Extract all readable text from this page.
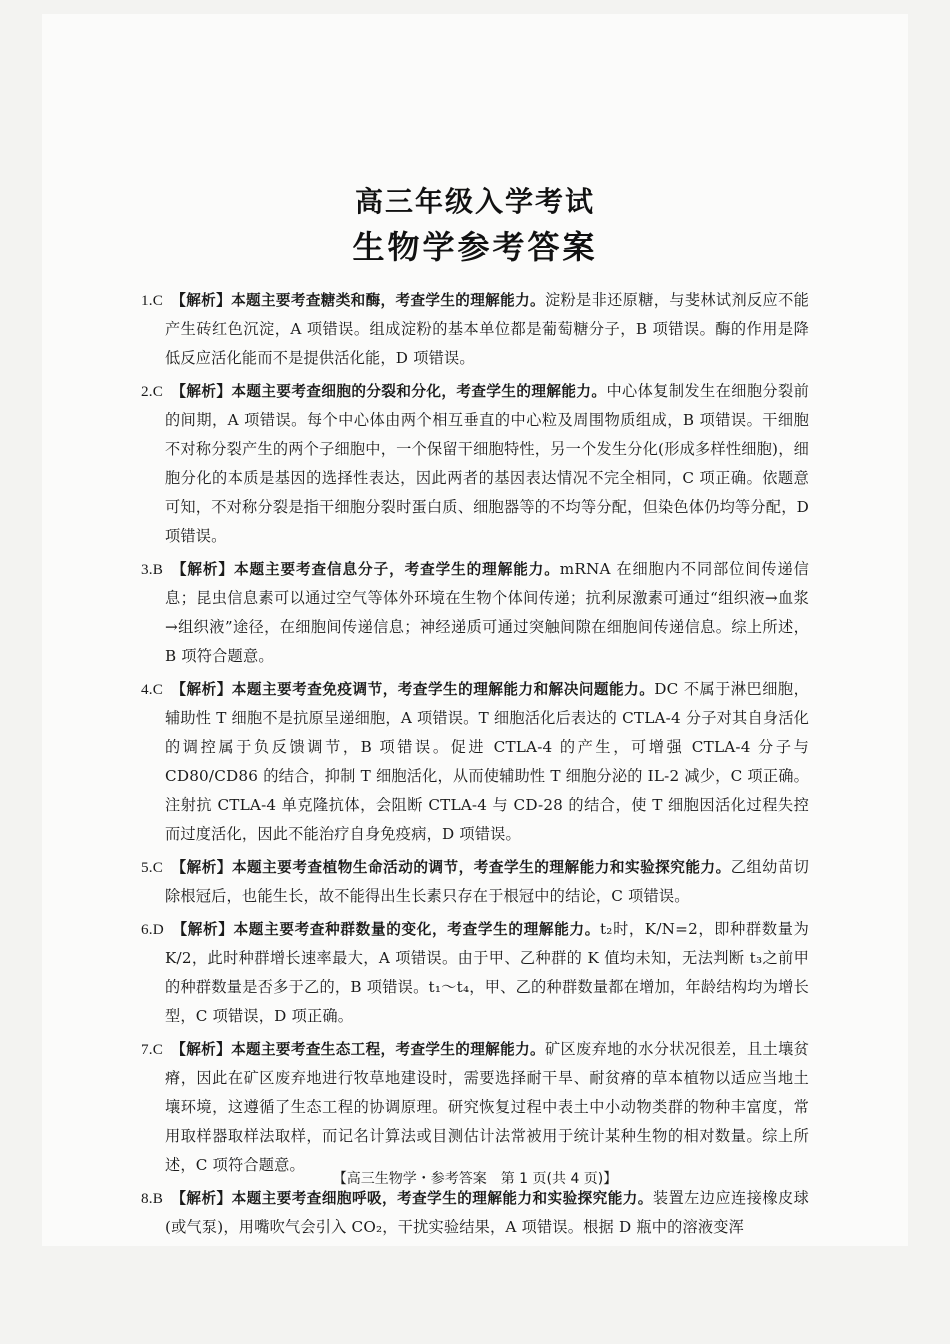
高三年级入学考试
生物学参考答案

1.C 【解析】本题主要考查糖类和酶，考查学生的理解能力。淀粉是非还原糖，与斐林试剂反应不能产生砖红色沉淀，A 项错误。组成淀粉的基本单位都是葡萄糖分子，B 项错误。酶的作用是降低反应活化能而不是提供活化能，D 项错误。

2.C 【解析】本题主要考查细胞的分裂和分化，考查学生的理解能力。中心体复制发生在细胞分裂前的间期，A 项错误。每个中心体由两个相互垂直的中心粒及周围物质组成，B 项错误。干细胞不对称分裂产生的两个子细胞中，一个保留干细胞特性，另一个发生分化(形成多样性细胞)，细胞分化的本质是基因的选择性表达，因此两者的基因表达情况不完全相同，C 项正确。依题意可知，不对称分裂是指干细胞分裂时蛋白质、细胞器等的不均等分配，但染色体仍均等分配，D 项错误。

3.B 【解析】本题主要考查信息分子，考查学生的理解能力。mRNA 在细胞内不同部位间传递信息；昆虫信息素可以通过空气等体外环境在生物个体间传递；抗利尿激素可通过“组织液→血浆→组织液”途径，在细胞间传递信息；神经递质可通过突触间隙在细胞间传递信息。综上所述，B 项符合题意。

4.C 【解析】本题主要考查免疫调节，考查学生的理解能力和解决问题能力。DC 不属于淋巴细胞，辅助性 T 细胞不是抗原呈递细胞，A 项错误。T 细胞活化后表达的 CTLA-4 分子对其自身活化的调控属于负反馈调节，B 项错误。促进 CTLA-4 的产生，可增强 CTLA-4 分子与 CD80/CD86 的结合，抑制 T 细胞活化，从而使辅助性 T 细胞分泌的 IL-2 减少，C 项正确。注射抗 CTLA-4 单克隆抗体，会阻断 CTLA-4 与 CD-28 的结合，使 T 细胞因活化过程失控而过度活化，因此不能治疗自身免疫病，D 项错误。

5.C 【解析】本题主要考查植物生命活动的调节，考查学生的理解能力和实验探究能力。乙组幼苗切除根冠后，也能生长，故不能得出生长素只存在于根冠中的结论，C 项错误。

6.D 【解析】本题主要考查种群数量的变化，考查学生的理解能力。t₂时，K/N=2，即种群数量为 K/2，此时种群增长速率最大，A 项错误。由于甲、乙种群的 K 值均未知，无法判断 t₃之前甲的种群数量是否多于乙的，B 项错误。t₁～t₄，甲、乙的种群数量都在增加，年龄结构均为增长型，C 项错误，D 项正确。

7.C 【解析】本题主要考查生态工程，考查学生的理解能力。矿区废弃地的水分状况很差，且土壤贫瘠，因此在矿区废弃地进行牧草地建设时，需要选择耐干旱、耐贫瘠的草本植物以适应当地土壤环境，这遵循了生态工程的协调原理。研究恢复过程中表土中小动物类群的物种丰富度，常用取样器取样法取样，而记名计算法或目测估计法常被用于统计某种生物的相对数量。综上所述，C 项符合题意。

8.B 【解析】本题主要考查细胞呼吸，考查学生的理解能力和实验探究能力。装置左边应连接橡皮球(或气泵)，用嘴吹气会引入 CO₂，干扰实验结果，A 项错误。根据 D 瓶中的溶液变浑

【高三生物学・参考答案　第 1 页(共 4 页)】
